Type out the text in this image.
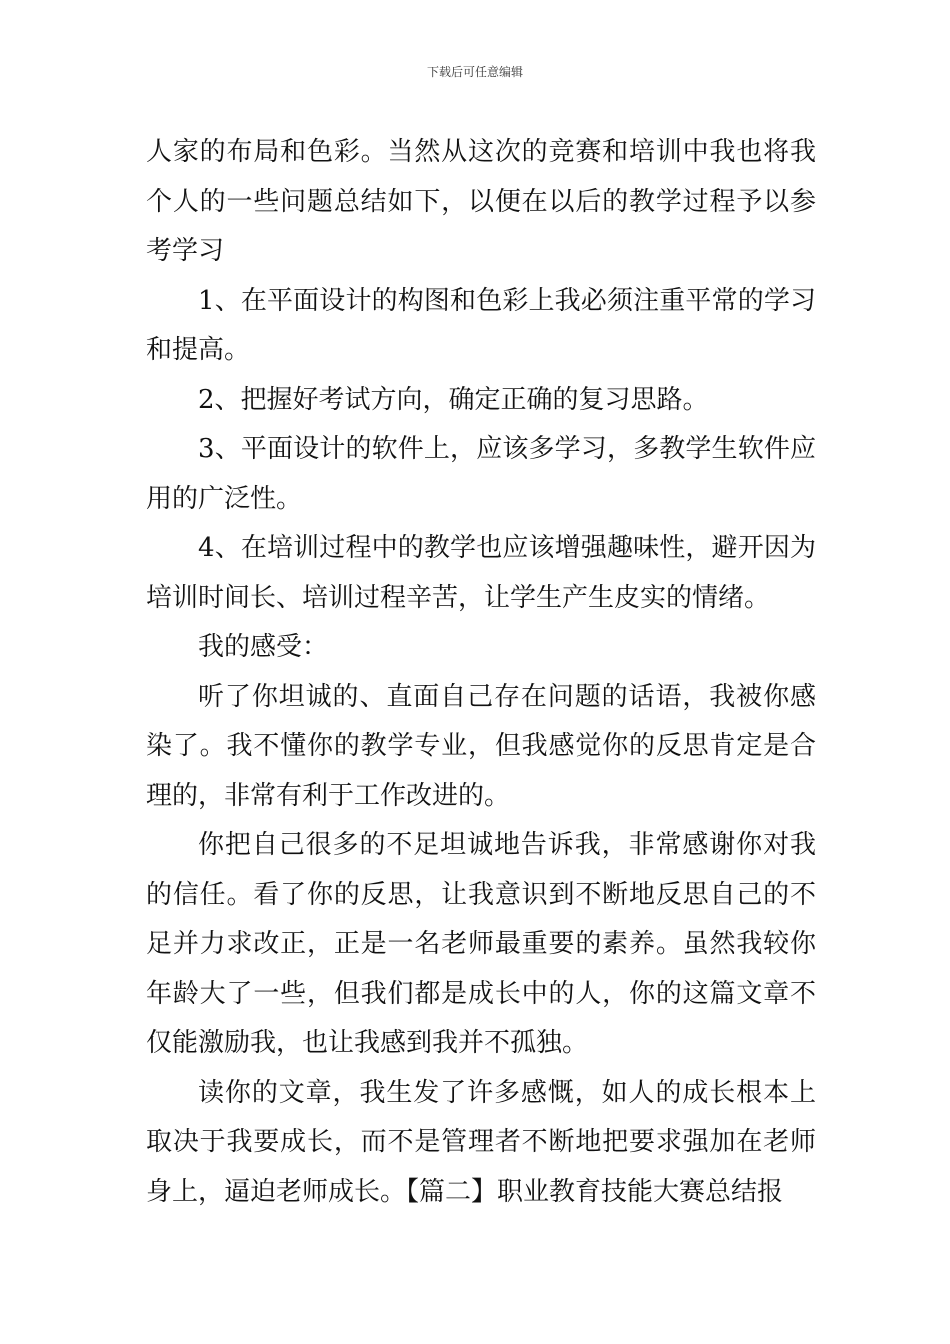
下载后可任意编辑

人家的布局和色彩。当然从这次的竞赛和培训中我也将我个人的一些问题总结如下，以便在以后的教学过程予以参考学习

1、在平面设计的构图和色彩上我必须注重平常的学习和提高。

2、把握好考试方向，确定正确的复习思路。

3、平面设计的软件上，应该多学习，多教学生软件应用的广泛性。

4、在培训过程中的教学也应该增强趣味性，避开因为培训时间长、培训过程辛苦，让学生产生皮实的情绪。

我的感受：

听了你坦诚的、直面自己存在问题的话语，我被你感染了。我不懂你的教学专业，但我感觉你的反思肯定是合理的，非常有利于工作改进的。

你把自己很多的不足坦诚地告诉我，非常感谢你对我的信任。看了你的反思，让我意识到不断地反思自己的不足并力求改正，正是一名老师最重要的素养。虽然我较你年龄大了一些，但我们都是成长中的人，你的这篇文章不仅能激励我，也让我感到我并不孤独。

读你的文章，我生发了许多感慨，如人的成长根本上取决于我要成长，而不是管理者不断地把要求强加在老师身上，逼迫老师成长。【篇二】职业教育技能大赛总结报
